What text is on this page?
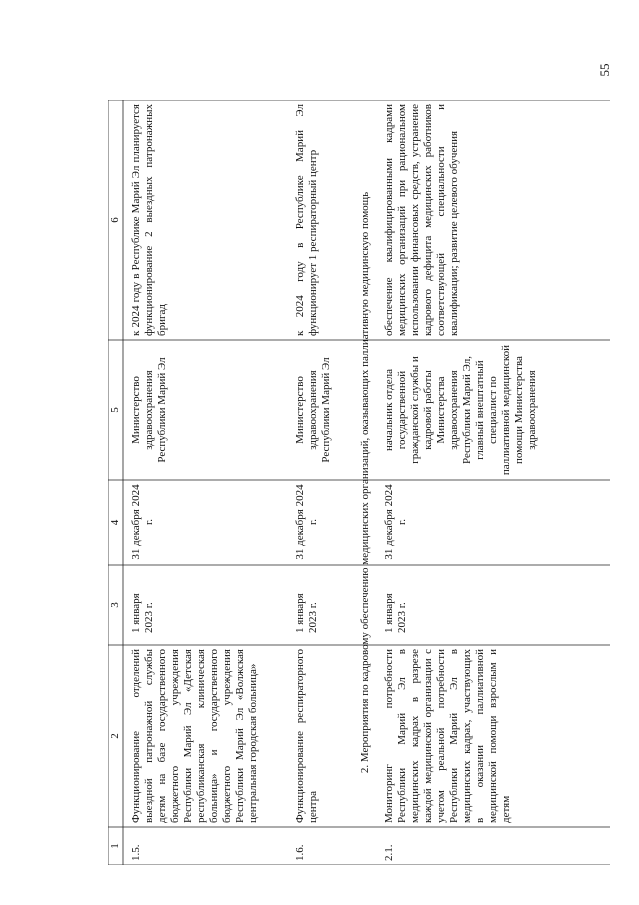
55
1
2
3
4
5
6
1.5.
Функционирование отделений выездной патронажной службы детям на базе государственного бюджетного учреждения Республики Марий Эл «Детская республиканская клиническая больница» и государственного бюджетного учреждения Республики Марий Эл «Волжская центральная городская больница»
1 января 2023 г.
31 декабря 2024 г.
Министерство здравоохранения Республики Марий Эл
к 2024 году в Республике Марий Эл планируется функционирование 2 выездных патронажных бригад
1.6.
Функционирование респираторного центра
1 января 2023 г.
31 декабря 2024 г.
Министерство здравоохранения Республики Марий Эл
к 2024 году в Республике Марий Эл функционирует 1 респираторный центр	2. Мероприятия по кадровому обеспечению медицинских организаций, оказывающих паллиативную медицинскую помощь
2.1.
Мониторинг потребности Республики Марий Эл в медицинских кадрах в разрезе каждой медицинской организации с учетом реальной потребности Республики Марий Эл в медицинских кадрах, участвующих в оказании паллиативной медицинской помощи взрослым и детям
1 января 2023 г.
31 декабря 2024 г.
начальник отдела государственной гражданской службы и кадровой работы Министерства здравоохранения Республики Марий Эл, главный внештатный специалист по паллиативной медицинской помощи Министерства здравоохранения
обеспечение квалифицированными кадрами медицинских организаций при рациональном использовании финансовых средств, устранение кадрового дефицита медицинских работников соответствующей специальности и квалификации; развитие целевого обучения
